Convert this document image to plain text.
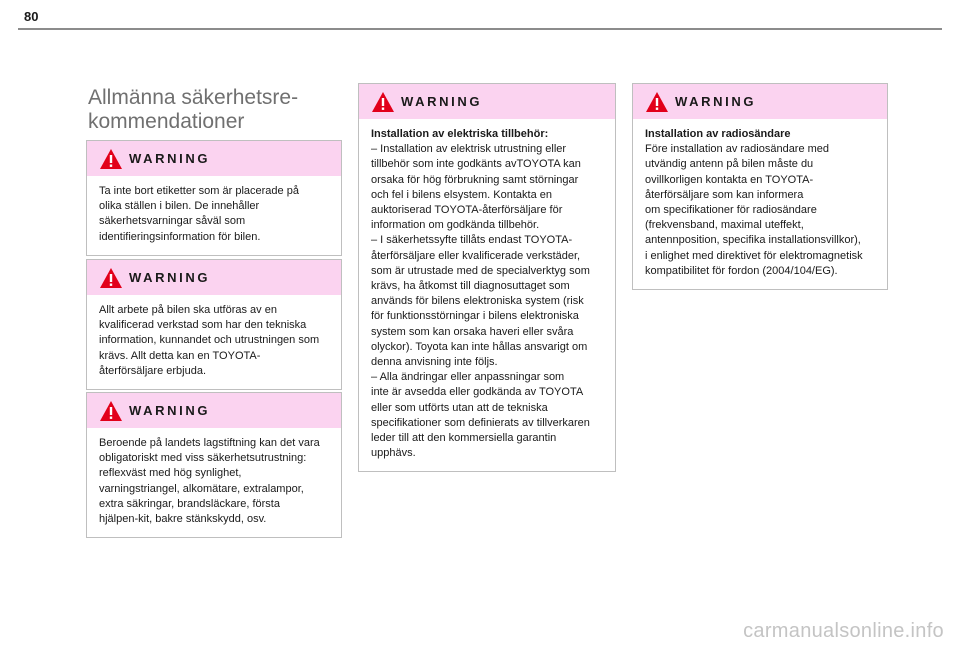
80
Allmänna säkerhetsre-
kommendationer
WARNING

Ta inte bort etiketter som är placerade på

olika ställen i bilen. De innehåller

säkerhetsvarningar såväl som

identifieringsinformation för bilen.

WARNING

Allt arbete på bilen ska utföras av en

kvalificerad verkstad som har den tekniska

information, kunnandet och utrustningen som

krävs. Allt detta kan en TOYOTA-

återförsäljare erbjuda.

WARNING

Beroende på landets lagstiftning kan det vara

obligatoriskt med viss säkerhetsutrustning:

reflexväst med hög synlighet,

varningstriangel, alkomätare, extralampor,

extra säkringar, brandsläckare, första

hjälpen-kit, bakre stänkskydd, osv.

WARNING

Installation av elektriska tillbehör:

– Installation av elektrisk utrustning eller

tillbehör som inte godkänts avTOYOTA kan

orsaka för hög förbrukning samt störningar

och fel i bilens elsystem. Kontakta en

auktoriserad TOYOTA-återförsäljare för

information om godkända tillbehör.

– I säkerhetssyfte tillåts endast TOYOTA-

återförsäljare eller kvalificerade verkstäder,

som är utrustade med de specialverktyg som

krävs, ha åtkomst till diagnosuttaget som

används för bilens elektroniska system (risk

för funktionsstörningar i bilens elektroniska

system som kan orsaka haveri eller svåra

olyckor). Toyota kan inte hållas ansvarigt om

denna anvisning inte följs.

– Alla ändringar eller anpassningar som

inte är avsedda eller godkända av TOYOTA

eller som utförts utan att de tekniska

specifikationer som definierats av tillverkaren

leder till att den kommersiella garantin

upphävs.

WARNING

Installation av radiosändare

Före installation av radiosändare med

utvändig antenn på bilen måste du

ovillkorligen kontakta en TOYOTA-

återförsäljare som kan informera

om specifikationer för radiosändare

(frekvensband, maximal uteffekt,

antennposition, specifika installationsvillkor),

i enlighet med direktivet för elektromagnetisk

kompatibilitet för fordon (2004/104/EG).

carmanualsonline.info
